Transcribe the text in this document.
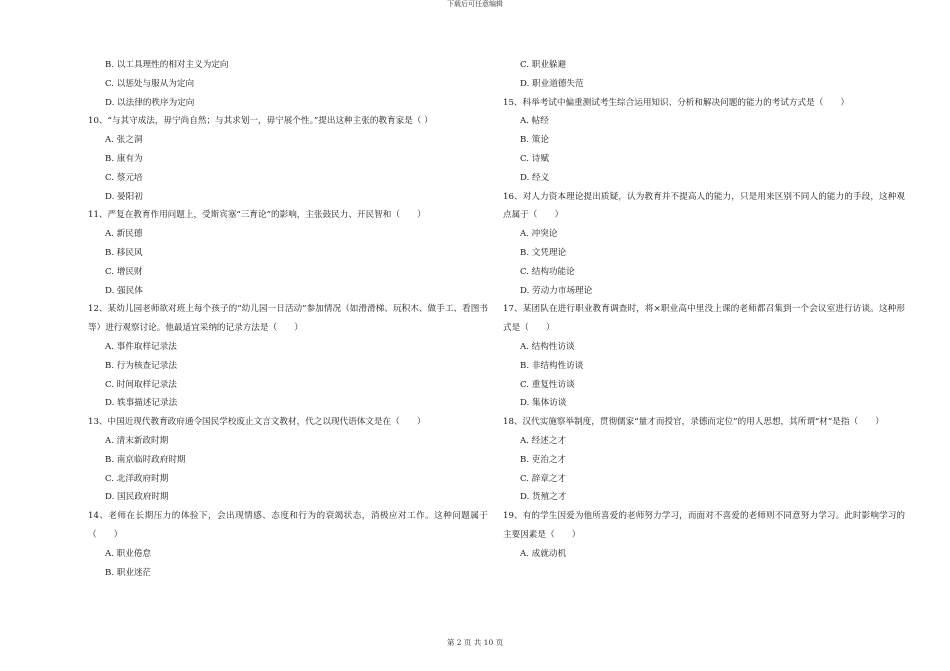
下载后可任意编辑
B. 以工具理性的相对主义为定向
C. 以惩处与服从为定向
D. 以法律的秩序为定向
10、“与其守成法，毋宁尚自然；与其求划一，毋宁展个性。”提出这种主张的教育家是（ ）
A. 张之洞
B. 康有为
C. 蔡元培
D. 晏阳初
11、严复在教育作用问题上，受斯宾塞“三育论”的影响，主张鼓民力、开民智和（　　）
A. 新民德
B. 移民风
C. 增民财
D. 强民体
12、某幼儿园老师欲对班上每个孩子的“幼儿园一日活动”参加情况（如滑滑梯、玩积木、做手工、看图书等）进行观察讨论。他最适宜采纳的记录方法是（　　）
A. 事件取样记录法
B. 行为核查记录法
C. 时间取样记录法
D. 轶事描述记录法
13、中国近现代教育政府通令国民学校废止文言文教材，代之以现代语体文是在（　　）
A. 清末新政时期
B. 南京临时政府时期
C. 北洋政府时期
D. 国民政府时期
14、老师在长期压力的体验下，会出现情感、态度和行为的衰竭状态，消极应对工作。这种问题属于（　　）
A. 职业倦怠
B. 职业迷茫
C. 职业躲避
D. 职业道德失范
15、科举考试中偏重测试考生综合运用知识、分析和解决问题的能力的考试方式是（　　）
A. 帖经
B. 策论
C. 诗赋
D. 经义
16、对人力资本理论提出质疑，认为教育并不提高人的能力，只是用来区别不同人的能力的手段，这种观点属于（　　）
A. 冲突论
B. 文凭理论
C. 结构功能论
D. 劳动力市场理论
17、某团队在进行职业教育调查时，将×职业高中里没上课的老师都召集到一个会议室进行访谈。这种形式是（　　）
A. 结构性访谈
B. 非结构性访谈
C. 重复性访谈
D. 集体访谈
18、汉代实施察举制度，贯彻儒家“量才而授官，录德而定位”的用人思想，其所谓“材”是指（　　）
A. 经述之才
B. 吏治之才
C. 辞章之才
D. 货殖之才
19、有的学生因爱为他所喜爱的老师努力学习，而面对不喜爱的老师则不同意努力学习。此时影响学习的主要因素是（　　）
A. 成就动机
第 2 页 共 10 页
